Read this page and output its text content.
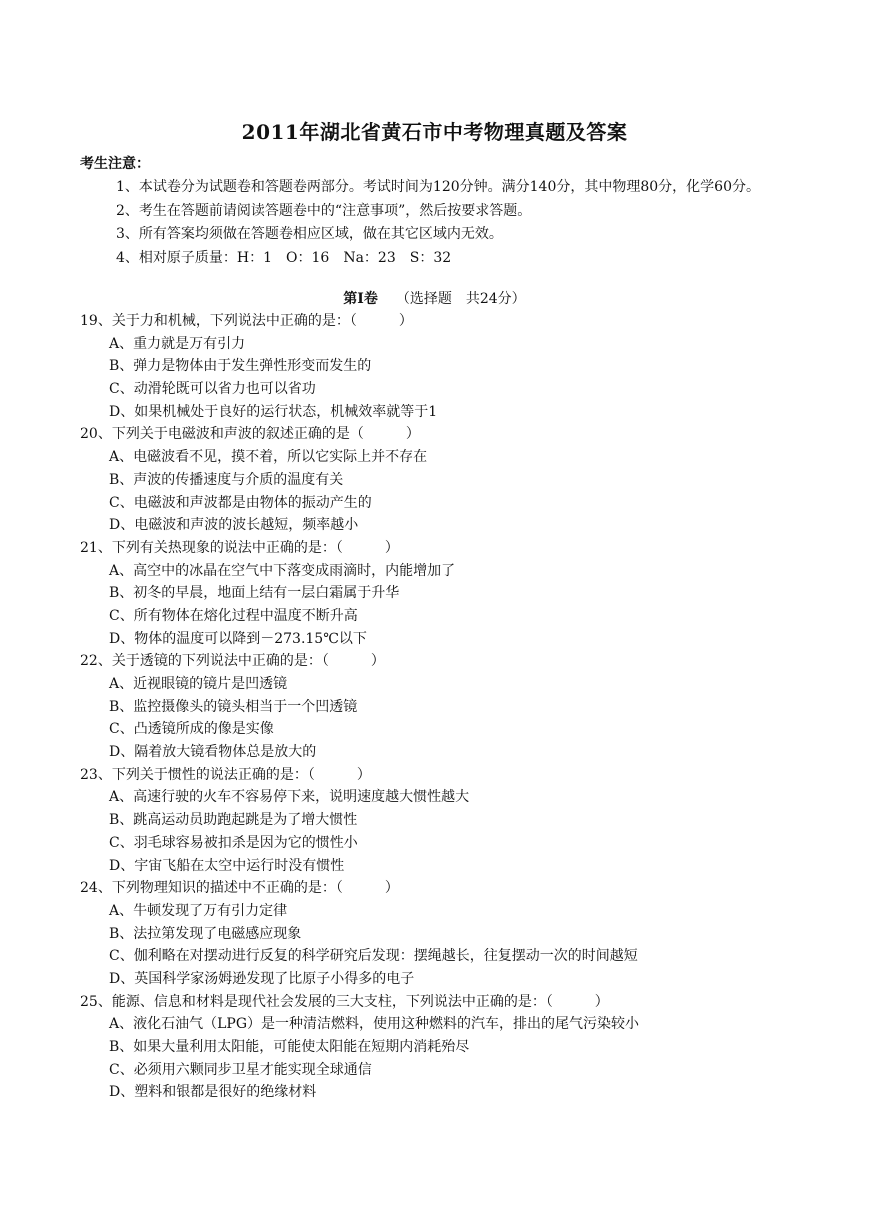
2011年湖北省黄石市中考物理真题及答案
考生注意：
1、本试卷分为试题卷和答题卷两部分。考试时间为120分钟。满分140分，其中物理80分，化学60分。
2、考生在答题前请阅读答题卷中的“注意事项”，然后按要求答题。
3、所有答案均须做在答题卷相应区域，做在其它区域内无效。
4、相对原子质量：H：1　O：16　Na：23　S：32
第Ⅰ卷 （选择题　共24分）
19、关于力和机械，下列说法中正确的是：（　　　）
A、重力就是万有引力
B、弹力是物体由于发生弹性形变而发生的
C、动滑轮既可以省力也可以省功
D、如果机械处于良好的运行状态，机械效率就等于1
20、下列关于电磁波和声波的叙述正确的是（　　　）
A、电磁波看不见，摸不着，所以它实际上并不存在
B、声波的传播速度与介质的温度有关
C、电磁波和声波都是由物体的振动产生的
D、电磁波和声波的波长越短，频率越小
21、下列有关热现象的说法中正确的是：（　　　）
A、高空中的冰晶在空气中下落变成雨滴时，内能增加了
B、初冬的早晨，地面上结有一层白霜属于升华
C、所有物体在熔化过程中温度不断升高
D、物体的温度可以降到－273.15℃以下
22、关于透镜的下列说法中正确的是：（　　　）
A、近视眼镜的镜片是凹透镜
B、监控摄像头的镜头相当于一个凹透镜
C、凸透镜所成的像是实像
D、隔着放大镜看物体总是放大的
23、下列关于惯性的说法正确的是：（　　　）
A、高速行驶的火车不容易停下来，说明速度越大惯性越大
B、跳高运动员助跑起跳是为了增大惯性
C、羽毛球容易被扣杀是因为它的惯性小
D、宇宙飞船在太空中运行时没有惯性
24、下列物理知识的描述中不正确的是：（　　　）
A、牛顿发现了万有引力定律
B、法拉第发现了电磁感应现象
C、伽利略在对摆动进行反复的科学研究后发现：摆绳越长，往复摆动一次的时间越短
D、英国科学家汤姆逊发现了比原子小得多的电子
25、能源、信息和材料是现代社会发展的三大支柱，下列说法中正确的是：（　　　）
A、液化石油气（LPG）是一种清洁燃料，使用这种燃料的汽车，排出的尾气污染较小
B、如果大量利用太阳能，可能使太阳能在短期内消耗殆尽
C、必须用六颗同步卫星才能实现全球通信
D、塑料和银都是很好的绝缘材料
